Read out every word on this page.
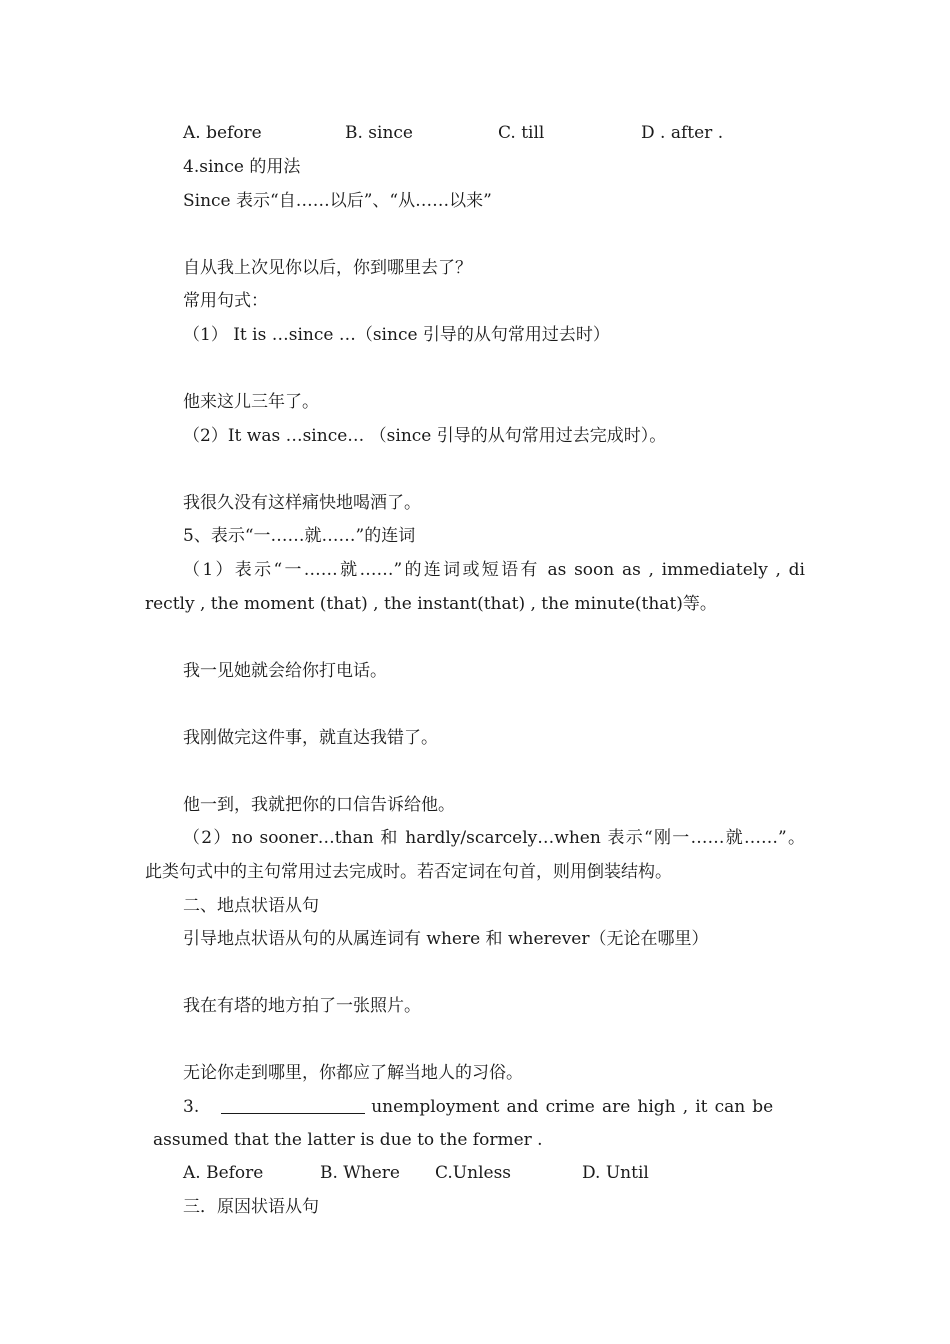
A. before	B. since	C. till	D . after .
4.since 的用法
Since 表示“自……以后”、“从……以来”
自从我上次见你以后，你到哪里去了？
常用句式：
（1） It is …since …（since 引导的从句常用过去时）
他来这儿三年了。
（2）It was …since… （since 引导的从句常用过去完成时）。
我很久没有这样痛快地喝酒了。
5、表示“一……就……”的连词
（1）表示“一……就……”的连词或短语有 as soon as , immediately , di
rectly , the moment (that) , the instant(that) , the minute(that)等。
我一见她就会给你打电话。
我刚做完这件事，就直达我错了。
他一到，我就把你的口信告诉给他。
（2）no sooner…than 和 hardly/scarcely…when 表示“刚一……就……”。
此类句式中的主句常用过去完成时。若否定词在句首，则用倒装结构。
二、地点状语从句
引导地点状语从句的从属连词有 where 和 wherever（无论在哪里）
我在有塔的地方拍了一张照片。
无论你走到哪里，你都应了解当地人的习俗。
3.	unemployment and crime are high , it can be
assumed that the latter is due to the former .
A. Before	B. Where C.Unless	D. Until
三．原因状语从句
